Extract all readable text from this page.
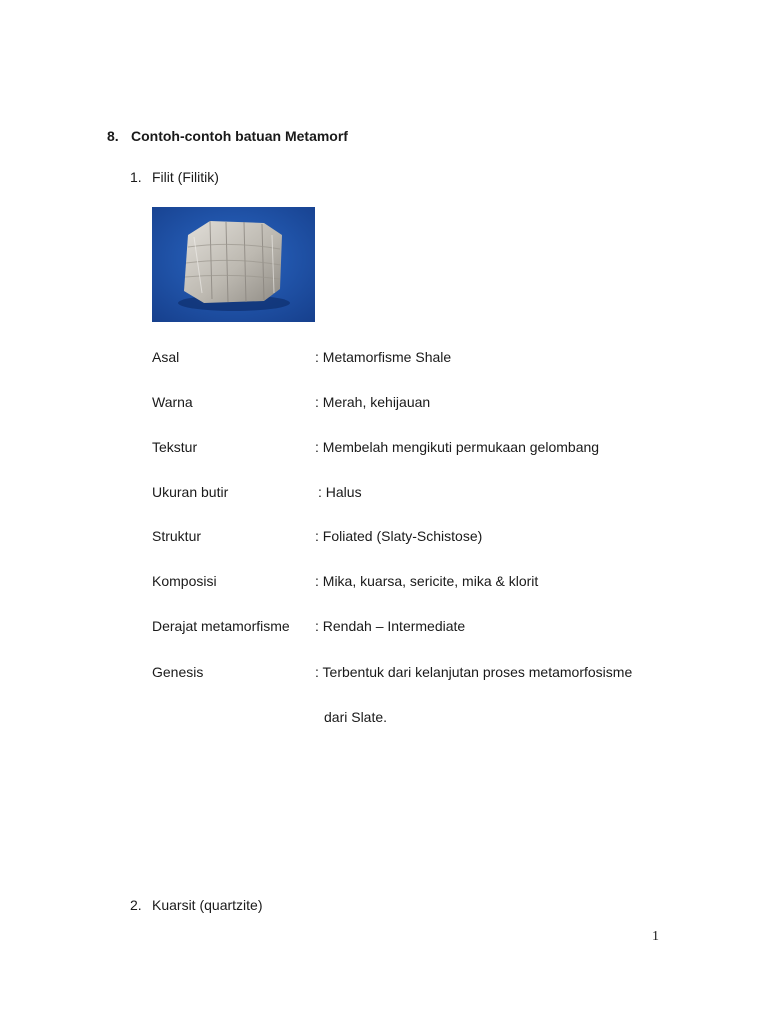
8. Contoh-contoh batuan Metamorf
1. Filit (Filitik)
Asal	: Metamorfisme Shale
Warna	: Merah, kehijauan
Tekstur	: Membelah mengikuti permukaan gelombang
Ukuran butir	: Halus
Struktur	: Foliated (Slaty-Schistose)
Komposisi	: Mika, kuarsa, sericite, mika & klorit
Derajat metamorfisme : Rendah – Intermediate
Genesis	: Terbentuk dari kelanjutan proses metamorfosisme
dari Slate.
2. Kuarsit (quartzite)
1
